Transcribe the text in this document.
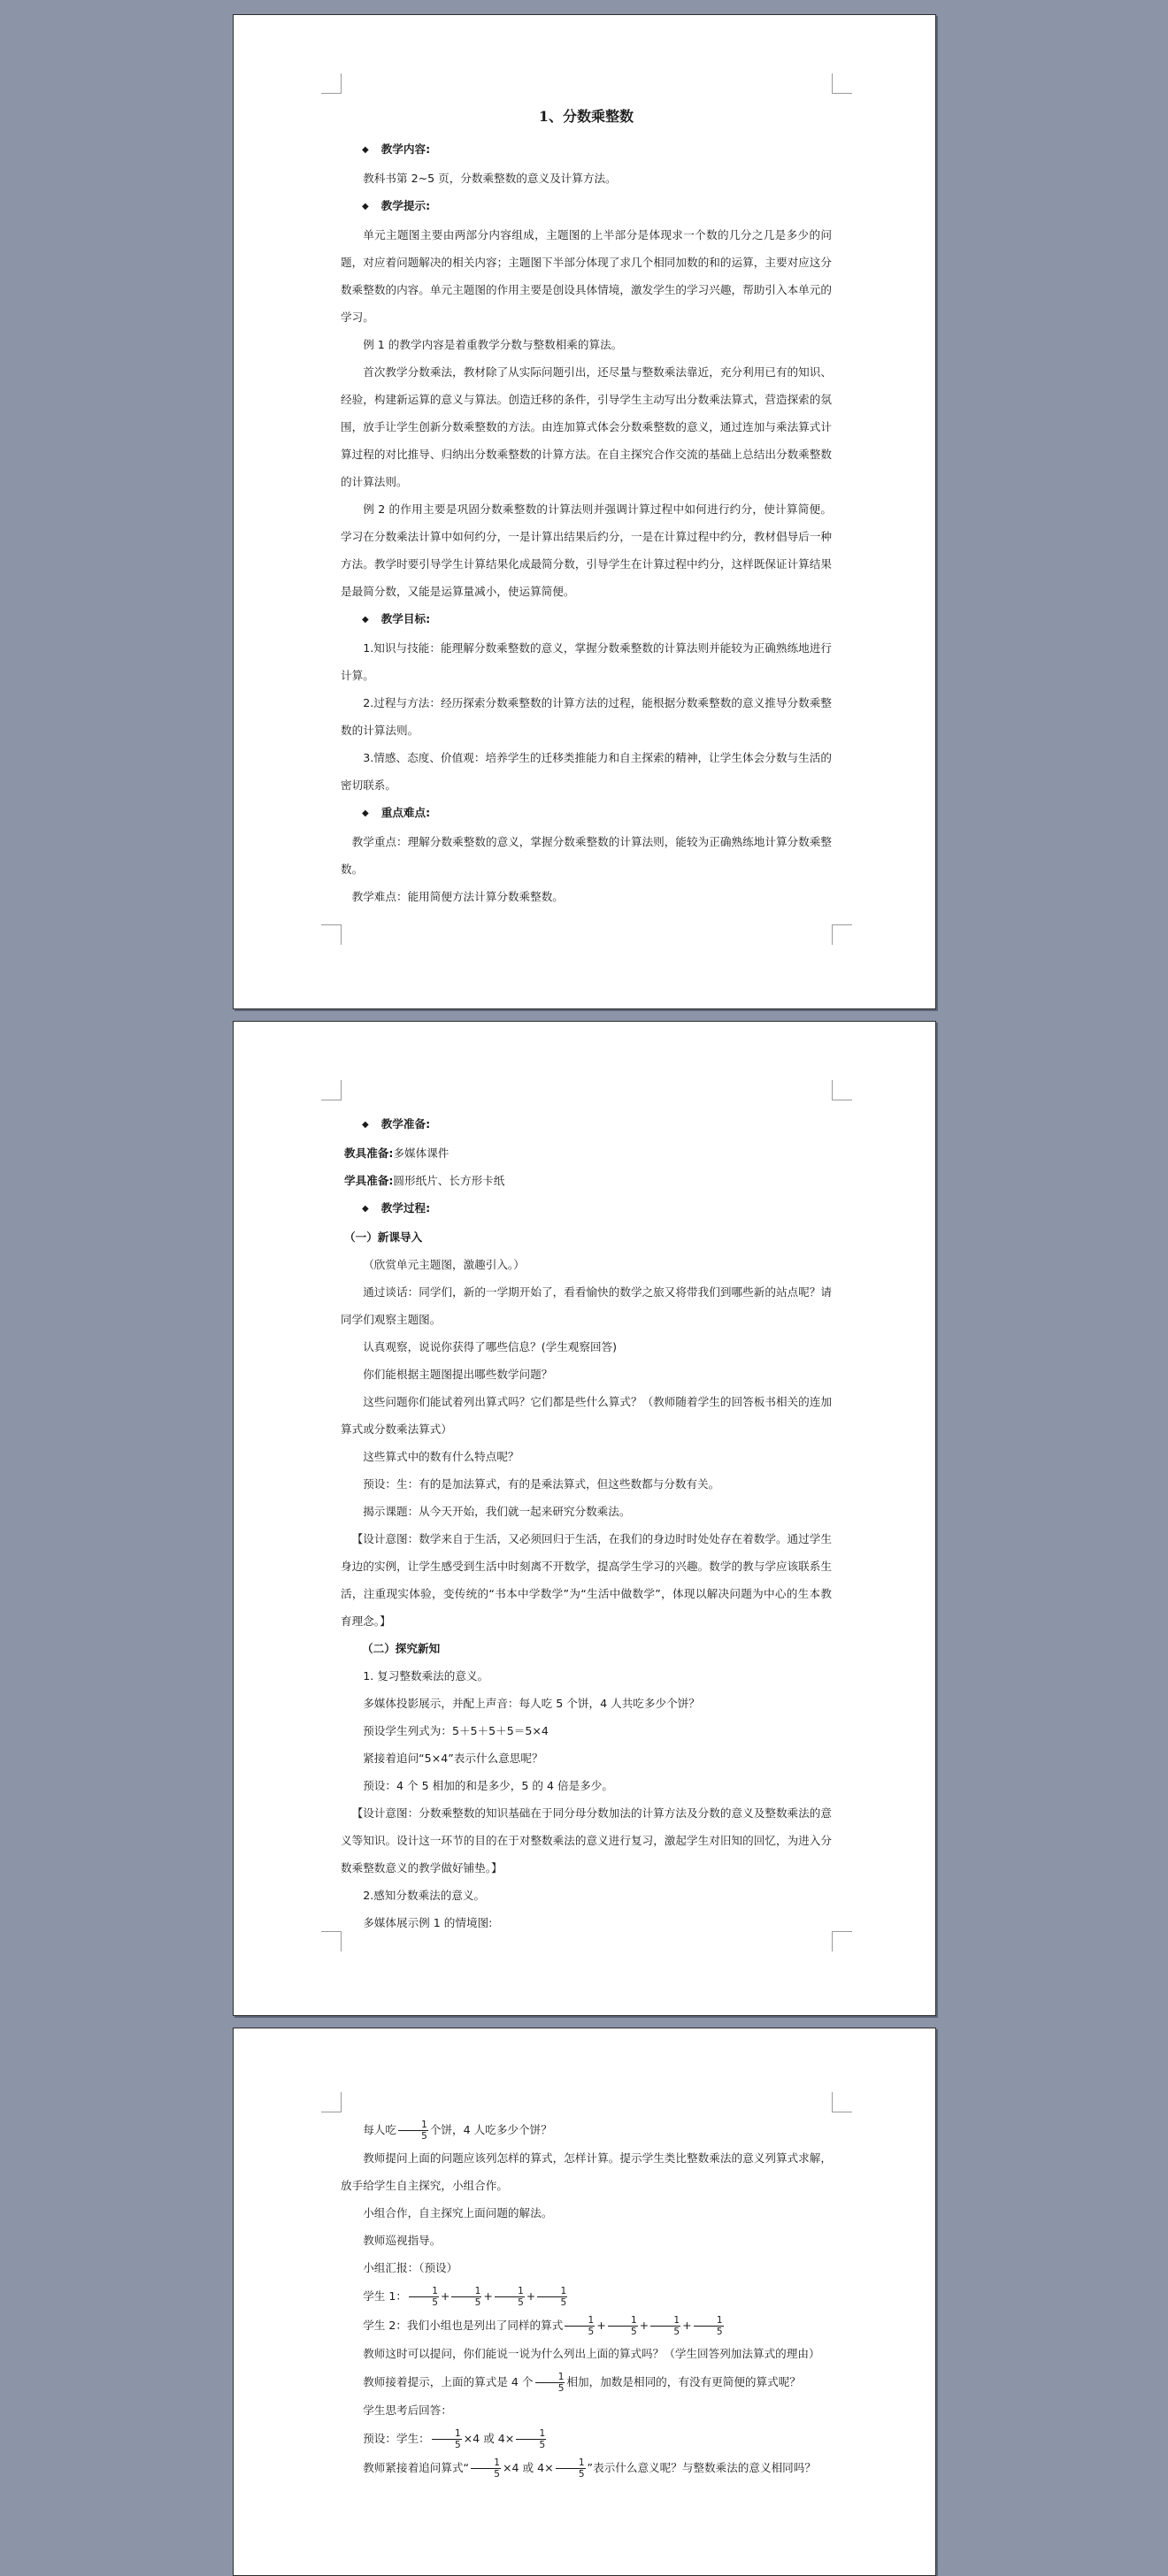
1、分数乘整数

◆ 教学内容:

教科书第 2~5 页，分数乘整数的意义及计算方法。

◆ 教学提示:

单元主题图主要由两部分内容组成，主题图的上半部分是体现求一个数的几分之几是多少的问题，对应着问题解决的相关内容；主题图下半部分体现了求几个相同加数的和的运算，主要对应这分数乘整数的内容。单元主题图的作用主要是创设具体情境，激发学生的学习兴趣，帮助引入本单元的学习。

例 1 的教学内容是着重教学分数与整数相乘的算法。

首次教学分数乘法，教材除了从实际问题引出，还尽量与整数乘法靠近，充分利用已有的知识、经验，构建新运算的意义与算法。创造迁移的条件，引导学生主动写出分数乘法算式，营造探索的氛围，放手让学生创新分数乘整数的方法。由连加算式体会分数乘整数的意义，通过连加与乘法算式计算过程的对比推导、归纳出分数乘整数的计算方法。在自主探究合作交流的基础上总结出分数乘整数的计算法则。

例 2 的作用主要是巩固分数乘整数的计算法则并强调计算过程中如何进行约分，使计算简便。学习在分数乘法计算中如何约分，一是计算出结果后约分，一是在计算过程中约分，教材倡导后一种方法。教学时要引导学生计算结果化成最简分数，引导学生在计算过程中约分，这样既保证计算结果是最简分数，又能是运算量减小，使运算简便。

◆ 教学目标:

1.知识与技能：能理解分数乘整数的意义，掌握分数乘整数的计算法则并能较为正确熟练地进行计算。

2.过程与方法：经历探索分数乘整数的计算方法的过程，能根据分数乘整数的意义推导分数乘整数的计算法则。

3.情感、态度、价值观：培养学生的迁移类推能力和自主探索的精神，让学生体会分数与生活的密切联系。

◆ 重点难点:

教学重点：理解分数乘整数的意义，掌握分数乘整数的计算法则，能较为正确熟练地计算分数乘整数。

教学难点：能用简便方法计算分数乘整数。

◆ 教学准备:

教具准备:多媒体课件

学具准备:圆形纸片、长方形卡纸

◆ 教学过程:

（一）新课导入

（欣赏单元主题图，激趣引入。）

通过谈话：同学们，新的一学期开始了，看看愉快的数学之旅又将带我们到哪些新的站点呢？请同学们观察主题图。

认真观察，说说你获得了哪些信息？(学生观察回答)

你们能根据主题图提出哪些数学问题？

这些问题你们能试着列出算式吗？它们都是些什么算式？（教师随着学生的回答板书相关的连加算式或分数乘法算式）

这些算式中的数有什么特点呢？

预设：生：有的是加法算式，有的是乘法算式，但这些数都与分数有关。

揭示课题：从今天开始，我们就一起来研究分数乘法。

【设计意图：数学来自于生活，又必须回归于生活，在我们的身边时时处处存在着数学。通过学生身边的实例，让学生感受到生活中时刻离不开数学，提高学生学习的兴趣。数学的教与学应该联系生活，注重现实体验，变传统的“书本中学数学”为“生活中做数学”，体现以解决问题为中心的生本教育理念。】

（二）探究新知

1. 复习整数乘法的意义。

多媒体投影展示，并配上声音：每人吃 5 个饼，4 人共吃多少个饼？

预设学生列式为：5＋5＋5＋5＝5×4

紧接着追问“5×4”表示什么意思呢？

预设：4 个 5 相加的和是多少，5 的 4 倍是多少。

【设计意图：分数乘整数的知识基础在于同分母分数加法的计算方法及分数的意义及整数乘法的意义等知识。设计这一环节的目的在于对整数乘法的意义进行复习，激起学生对旧知的回忆，为进入分数乘整数意义的教学做好铺垫。】

2.感知分数乘法的意义。

多媒体展示例 1 的情境图:

每人吃 $\frac{1}{5}$ 个饼，4 人吃多少个饼？

教师提问上面的问题应该列怎样的算式，怎样计算。提示学生类比整数乘法的意义列算式求解，放手给学生自主探究，小组合作。

小组合作，自主探究上面问题的解法。

教师巡视指导。

小组汇报：（预设）

学生 1： $\frac{1}{5} + \frac{1}{5} + \frac{1}{5} + \frac{1}{5}$

学生 2：我们小组也是列出了同样的算式 $\frac{1}{5} + \frac{1}{5} + \frac{1}{5} + \frac{1}{5}$

教师这时可以提问，你们能说一说为什么列出上面的算式吗？（学生回答列加法算式的理由）

教师接着提示，上面的算式是 4 个 $\frac{1}{5}$ 相加，加数是相同的，有没有更简便的算式呢？

学生思考后回答：

预设：学生： $\frac{1}{5} \times 4$ 或 $4\times \frac{1}{5}$

教师紧接着追问算式“ $\frac{1}{5} \times 4$ 或 $4\times \frac{1}{5}$ ”表示什么意义呢？与整数乘法的意义相同吗？
